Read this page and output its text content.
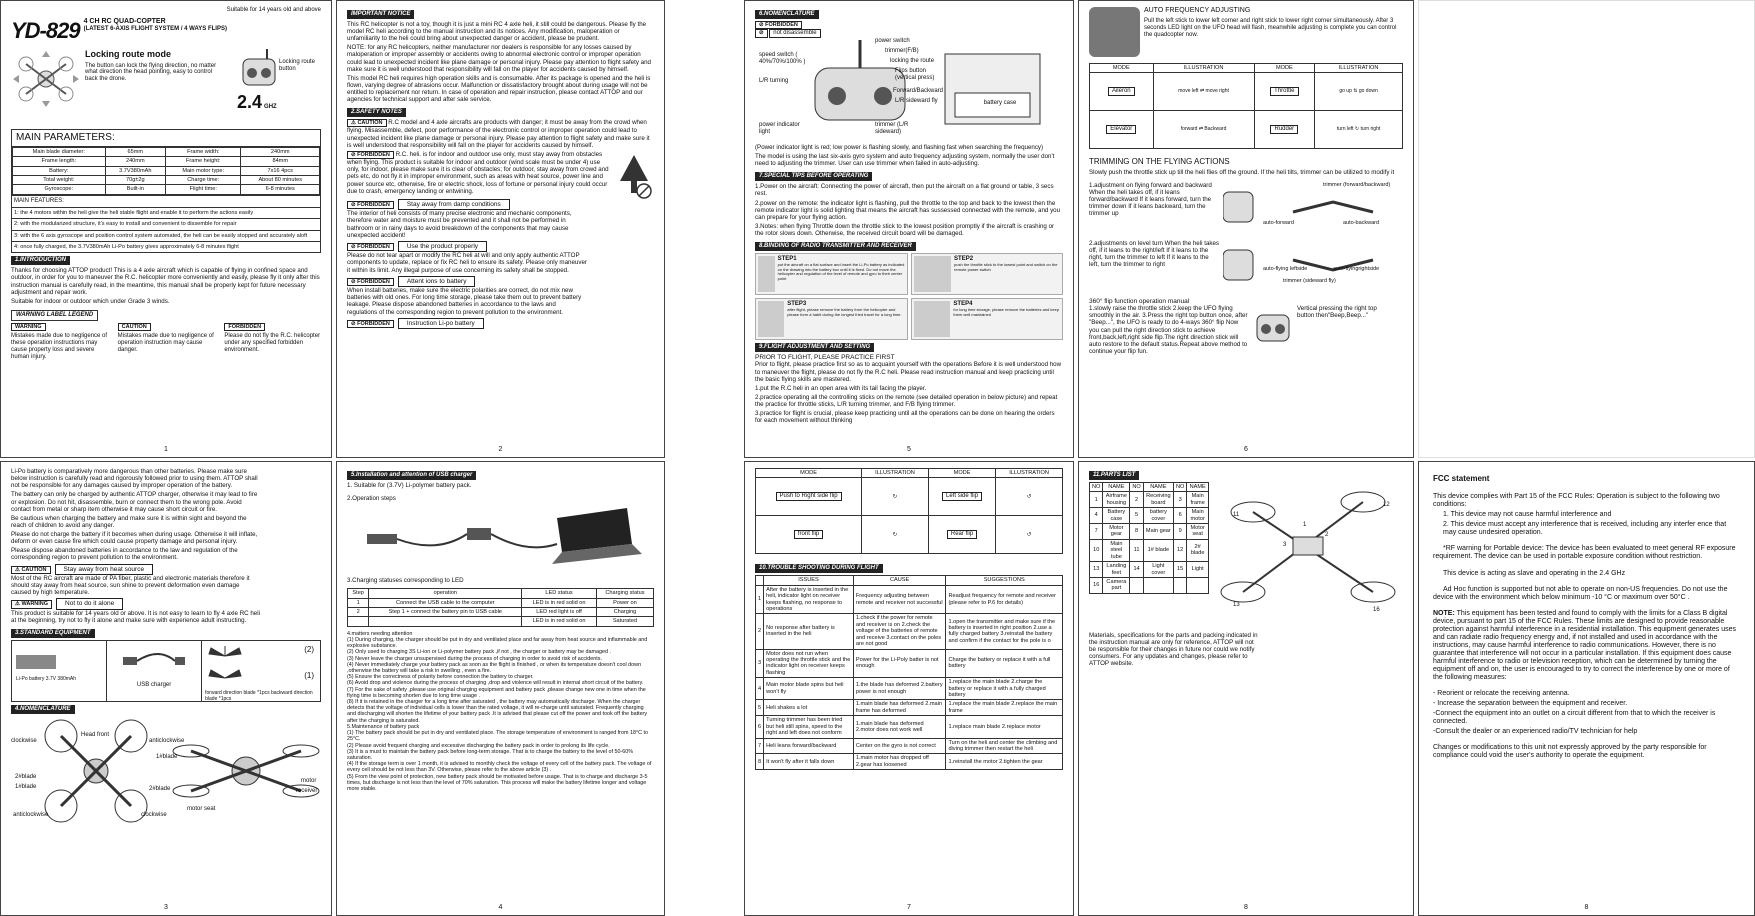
Suitable for 14 years old and above
YD-829 4 CH RC QUAD-COPTER
(LATEST 6-AXIS FLIGHT SYSTEM / 4 WAYS FLIPS)
Locking route mode
The button can lock the flying direction, no matter what direction the head pointing, easy to control back the drone.
Locking route button
2.4 GHZ
MAIN PARAMETERS:
Main blade diameter:	65mm	Frame width:	240mm
Frame length:	240mm	Frame height:	84mm
Battery:	3.7V380mAh	Main motor type:	7x16 4pcs
Total weight:	70g±2g	Charge time:	About 80 minutes
Gyroscope:	Built-in	Flight time:	6-8 minutes
MAIN FEATURES:
1: the 4 motors within the heli give the heli stable flight and enable it to perform the actions easily
2: with the modularized structure, it's easy to install and convenient to dissemble for repair
3: with the 6 axis gyroscope and position control system automated, the heli can be easily stopped and accurately aloft
4: once fully charged, the 3.7V380mAh Li-Po battery gives approximately 6-8 minutes flight
1.INTRODUCTION

Thanks for choosing ATTOP product! This is a 4 axle aircraft which is capable of flying in confined space and outdoor, in order for you to maneuver the R.C. helicopter more conveniently and easily, please fly it only after this instruction manual is carefully read, in the meantime, this manual shall be properly kept for future necessary adjustment and repair work.

Suitable for indoor or outdoor which under Grade 3 winds.

WARNING LABEL LEGEND
WARNING
Mistakes made due to negligence of these operation instructions may cause property loss and severe human injury.
CAUTION
Mistakes made due to negligence of operation instruction may cause danger.
FORBIDDEN
Please do not fly the R.C. helicopter under any specified forbidden environment.
1
IMPORTANT NOTICE

This RC helicopter is not a toy, though it is just a mini RC 4 axle heli, it still could be dangerous. Please fly the model RC heli according to the manual instruction and its notices. Any modification, maloperation or unfamiliarity to the heli could bring about unexpected danger or accident, please be prudent.

NOTE: for any RC helicopters, neither manufacturer nor dealers is responsible for any losses caused by maloperation or improper assembly or accidents owing to abnormal electronic control or improper operation could lead to unexpected incident like plane damage or personal injury. Please pay attention to flight safety and make sure it is well understood that responsibility will fall on the player for accidents caused by himself.

This model RC heli requires high operation skills and is consumable. After its package is opened and the heli is flown, varying degree of abrasions occur. Malfunction or dissatisfactory brought about during usage will not be entitled to replacement nor return. In case of operation and repair instruction, please contact ATTOP and our agencies for technical support and after sale service.

2.SAFETY NOTES

⚠ CAUTION R.C model and 4 axle aircrafts are products with danger; it must be away from the crowd when flying. Misassemble, defect, poor performance of the electronic control or improper operation could lead to unexpected incident like plane damage or personal injury. Please pay attention to flight safety and make sure it is well understood that responsibility will fall on the player for accidents caused by himself.

⊘ FORBIDDEN R.C. heli. is for indoor and outdoor use only, must stay away from obstacles when flying. This product is suitable for indoor and outdoor (wind scale must be under 4) use only, for indoor, please make sure it is clear of obstacles; for outdoor, stay away from crowd and pets etc, do not fly it in improper environment, such as areas with heat source, power line and power source etc, otherwise, fire or electric shock, loss of fortune or personal injury could occur due to crash, emergency landing or entwining.

⊘ FORBIDDEN	Stay away from damp conditions

The interior of heli consists of many precise electronic and mechanic components, therefore water and moisture must be prevented and it shall not be performed in bathroom or in rainy days to avoid breakdown of the components that may cause unexpected accident!

⊘ FORBIDDEN	Use the product properly

Please do not tear apart or modify the RC heli at will and only apply authentic ATTOP components to update, replace or fix RC heli to ensure its safety. Please only maneuver it within its limit. Any illegal purpose of use concerning its safety shall be stopped.

⊘ FORBIDDEN	Attent ions to battery

When install batteries, make sure the electric polarities are correct, do not mix new batteries with old ones. For long time storage, please take them out to prevent battery leakage. Please dispose abandoned batteries in accordance to the laws and regulations of the corresponding region to prevent pollution to the environment.

⊘ FORBIDDEN	Instruction Li-po battery
2

Li-Po battery is comparatively more dangerous than other batteries. Please make sure below instruction is carefully read and rigorously followed prior to using them. ATTOP shall not be responsible for any damages caused by improper operation of the battery.

The battery can only be charged by authentic ATTOP charger, otherwise it may lead to fire or explosion. Do not hit, disassemble, burn or connect them to the wrong pole. Avoid contact from metal or sharp item otherwise it may cause short circuit or fire.

Be cautious when charging the battery and make sure it is within sight and beyond the reach of children to avoid any danger.

Please do not charge the battery if it becomes when during usage. Otherwise it will inflate, deform or even cause fire which could cause property damage and personal injury.

Please dispose abandoned batteries in accordance to the law and regulation of the corresponding region to prevent pollution to the environment.

⚠ CAUTION	Stay away from heat source

Most of the RC aircraft are made of PA fiber, plastic and electronic materials therefore it should stay away from heat source, sun shine to prevent deformation even damage caused by high temperature.

⚠ WARNING	Not to do it alone

This product is suitable for 14 years old or above. It is not easy to learn to fly 4 axle RC heli at the beginning, try not to fly it alone and make sure with experience adult instructing.

3.STANDARD EQUIPMENT
Li-Po battery 3.7V 380mAh
USB charger
(2)
(1)
forward direction blade *1pcs backward direction blade *1pcs
4.NOMENCLATURE
clockwise
Head front
anticlockwise
1#blade
2#blade
1#blade	2#blade
anticlockwise	clockwise
motor seat
motor
receiver
3
5.Installation and attention of USB charger

1. Suitable for (3.7V) Li-polymer battery pack.

2.Operation steps

3.Charging statuses corresponding to LED

Step	operation	LED status	Charging status
1	Connect the USB cable to the computer	LED is in red solid on	Power on
2	Step 1 + connect the battery pin to USB cable	LED red light is off	Charging
		LED is in red solid on	Saturated
4.matters needing attention
(1) During charging, the charger should be put in dry and ventilated place and far away from heat source and inflammable and explosive substance.
(2) Only used to charging 3S Li-ion or Li-polymer battery pack ,if not , the charger or battery may be damaged .
(3) Never leave the charger unsupervised during the process of charging in order to avoid risk of accidents.
(4) Never immediately charge your battery pack as soon as the flight is finished , or when its temperature doesn't cool down ,otherwise the battery will take a risk in swelling , even a fire.
(5) Ensure the correctness of polarity before connection the battery to charger.
(6) Avoid drop and violence during the process of charging ,drop and violence will result in internal short circuit of the battery.
(7) For the sake of safety ,please use original charging equipment and battery pack ,please change new one in time when the flying time is becoming shorten due to long time usage .
(8) If it is retained in the charger for a long time after saturated , the battery may automatically discharge. When the charger detects that the voltage of individual cells is lower than the rated voltage, it will re-charge until saturated. Frequently charging and discharging will shorten the lifetime of your battery pack .It is advised that please cut off the power and took off the battery after the charging is saturated.
5.Maintenance of battery pack
(1) The battery pack should be put in dry and ventilated place. The storage temperature of environment is ranged from 18°C to 25°C.
(2) Please avoid frequent charging and excessive discharging the battery pack in order to prolong its life cycle.
(3) It is a must to maintain the battery pack before long-term storage. That is to charge the battery to the level of 50-60% saturation.
(4) If the storage term is over 1 month, it is advised to monthly check the voltage of every cell of the battery pack. The voltage of every cell should be not less than 3V. Otherwise, please refer to the above article (3) .
(5) From the view point of protection, new battery pack should be motivated before usage. That is to charge and discharge 3-5 times, but discharge is not less than the level of 70% saturation. This process will make the battery lifetime longer and voltage more stable.
4
6.NOMENCLATURE
⊘ FORBIDDEN
⊘ not disassemble
speed switch ( 40%/70%/100% )
power switch
trimmer(F/B)
locking the route
Flips button (vertical press)
Forward/Backward
L/R sideward fly
L/R turning
power indicator light
trimmer (L/R sideward)
battery case

(Power indicator light is red; low power is flashing slowly, and flashing fast when searching the frequency)

The model is using the last six-axis gyro system and auto frequency adjusting system, normally the user don't need to adjusting the trimmer. User can use trimmer when failed in auto-adjusting.

7.SPECIAL TIPS BEFORE OPERATING

1.Power on the aircraft: Connecting the power of aircraft, then put the aircraft on a flat ground or table, 3 secs rest.

2.power on the remote: the indicator light is flashing, pull the throttle to the top and back to the lowest then the remote indicator light is solid lighting that means the aircraft has sussessed connected with the remote, and you can prepare for your flying action.

3.Notes: when flying Throttle down the throttle stick to the lowest position promptly if the aircraft is crashing or the rotor slows down. Otherwise, the received circuit board will be damaged.

8.BINDING OF RADIO TRANSMITTER AND RECEIVER
STEP1
put the aircraft on a flat surface and insert the Li-Po battery as indicated on the drawing into the battery box until it is fixed. Do not move the helicopter and regulation of the level of remote and gyro to their center point
STEP2
push the throttle stick to the lowest point and switch on the remote power switch
STEP3
after flight, please remove the battery from the helicopter and please form a habit during the longest fried travel for a long time.
STEP4
for long time storage, please remove the batteries and keep them well maintained
9.FLIGHT ADJUSTMENT AND SETTING
PRIOR TO FLIGHT, PLEASE PRACTICE FIRST

Prior to flight, please practice first so as to acquaint yourself with the operations Before it is well understood how to maneuver the flight, please do not fly the R.C heli. Please read instruction manual and keep practicing until the basic flying skills are mastered.

1.put the R.C heli in an open area with its tail facing the player.

2.practice operating all the controlling sticks on the remote (see detailed operation in below picture) and repeat the practice for throttle sticks, L/R turning trimmer, and F/B flying trimmer.

3.practice for flight is crucial, please keep practicing until all the operations can be done on hearing the orders for each movement without thinking

5
AUTO FREQUENCY ADJUSTING
Pull the left stick to lower left corner and right stick to lower right corner simultaneously. After 3 seconds LED light on the UFO head will flash, meanwhile adjusting is complete you can control the quadcopter now.
MODE	ILLUSTRATION	MODE	ILLUSTRATION
Aileron	move left ⇄ move right	Throttle	go up ⇅ go down
Elevator	forward ⇄ Backward	Rudder	turn left ↻ turn right
TRIMMING ON THE FLYING ACTIONS

Slowly push the throttle stick up till the heli flies off the ground. If the heli tilts, trimmer can be utilized to modify it

1.adjustment on flying forward and backward When the heli takes off, if it leans forward/backward If it leans forward, turn the trimmer down If it leans backward, turn the trimmer up

trimmer (forward/backward)
auto-forward	auto-backward

2.adjustments on level turn When the heli takes off, if it leans to the right/left If it leans to the right, turn the trimmer to left If it leans to the left, turn the trimmer to right

auto-flying leftside	auto-flyingrightside
trimmer (sideward fly)
360° flip function operation manual

1.slowly raise the throttle stick 2.keep the UFO flying smoothly in the air. 3.Press the right top button once, after "Beep...", the UFO is ready to do 4-ways 360° flip Now you can pull the right direction stick to achieve front,back,left,right side flip.The right direction stick will auto restore to the default status.Repeat above method to continue your flip fun.

Vertical pressing the right top button then"Beep,Beep..."

6
MODE	ILLUSTRATION	MODE	ILLUSTRATION
Push to Right side flip	↻	Left side flip	↺
front flip	↻	Rear flip	↺
10.TROUBLE SHOOTING DURING FLIGHT
	ISSUES	CAUSE	SUGGESTIONS
1	After the battery is inserted in the heli, indicator light on receiver keeps flashing, no response to operations	Frequency adjusting between remote and receiver not successful	Readjust frequency for remote and receiver (please refer to P.6 for details)
2	No response after battery is inserted in the heli	1.check if the power for remote and receiver is on 2.check the voltage of the batteries of remote and receive 3.contact on the poles are not good	1.open the transmitter and make sure if the battery is inserted in right position 2.use a fully charged battery 3.reinstall the battery and confirm if the contact for the pole is o
3	Motor does not run when operating the throttle stick and the indicator light on receiver keeps flashing	Power for the Li-Poly batter is not enough	Charge the battery or replace it with a full battery
4	Main motor blade spins but heli won't fly	1.the blade has deformed 2.battery power is not enough	1.replace the main blade 2.charge the battery or replace it with a fully charged battery
5	Heli shakes a lot	1.main blade has deformed 2.main frame has deformed	1.replace the main blade 2.replace the main frame
6	Turning trimmer has been tried but heli still spins, speed to the right and left does not conform	1.main blade has deformed 2.motor does not work well	1.replace main blade 2.replace motor
7	Heli leans forward/backward	Center on the gyro is not correct	Turn on the heli and center the climbing and diving trimmer then restart the heli
8	It won't fly after it falls down	1.main motor has dropped off 2.gear has loosened	1.reinstall the motor 2.tighten the gear
7
11.PARTS LIST
NO	NAME	NO	NAME	NO	NAME
1	Airframe housing	2	Receiving board	3	Main frame
4	Battery case	5	battery cover	6	Main motor
7	Motor gear	8	Main gear	9	Motor seat
10	Main steel tube	11	1# blade	12	2# blade
13	Landing feet	14	Light cover	15	Light
16	Camera part				
1
2
3
11
12
13
16

Materials, specifications for the parts and packing indicated in the instruction manual are only for reference, ATTOP will not be responsible for their changes in future nor could we notify consumers. For any updates and changes, please refer to ATTOP website.

8
FCC statement

This device complies with Part 15 of the FCC Rules: Operation is subject to the following two conditions:

1. This device may not cause harmful interference and

2. This device must accept any interference that is received, including any interfer ence that may cause undesired operation.

*RF warning for Portable device: The device has been evaluated to meet general RF exposure requirement. The device can be used in portable exposure condition without restriction.

This device is acting as slave and operating in the 2.4 GHz

Ad Hoc function is supported but not able to operate on non-US frequencies. Do not use the device with the environment which below minimum -10 °C or maximum over 50°C .

NOTE: This equipment has been tested and found to comply with the limits for a Class B digital device, pursuant to part 15 of the FCC Rules. These limits are designed to provide reasonable protection against harmful interference in a residential installation. This equipment generates uses and can radiate radio frequency energy and, if not installed and used in accordance with the instructions, may cause harmful interference to radio communications. However, there is no guarantee that interference will not occur in a particular installation. If this equipment does cause harmful interference to radio or television reception, which can be determined by turning the equipment off and on, the user is encouraged to try to correct the interference by one or more of the following measures:

- Reorient or relocate the receiving antenna.

- Increase the separation between the equipment and receiver.

-Connect the equipment into an outlet on a circuit different from that to which the receiver is connected.

-Consult the dealer or an experienced radio/TV technician for help

Changes or modifications to this unit not expressly approved by the party responsible for compliance could void the user's authority to operate the equipment.

8
